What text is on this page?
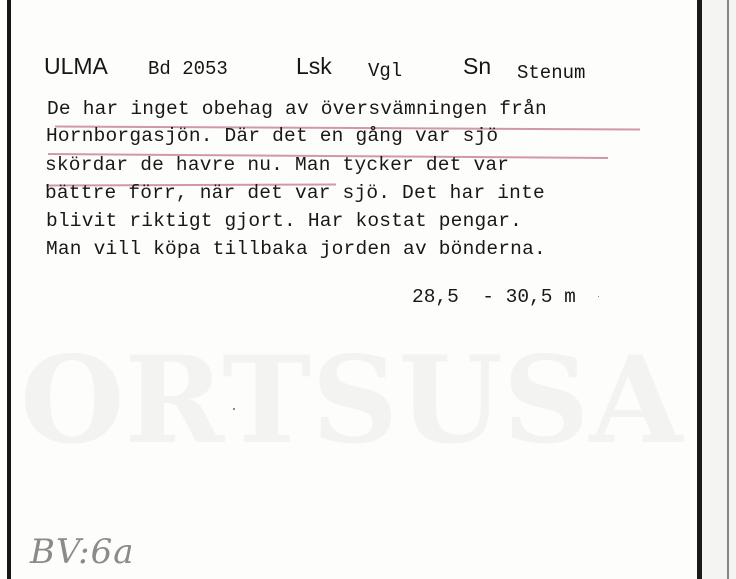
ULMA Bd 2053	Lsk Vgl	Sn Stenum
De har inget obehag av översvämningen från
Hornborgasjön. Där det en gång var sjö
skördar de havre nu. Man tycker det var
bättre förr, när det var sjö. Det har inte
blivit riktigt gjort. Har kostat pengar.
Man vill köpa tillbaka jorden av bönderna.
28,5 - 30,5 m
BV:6a
